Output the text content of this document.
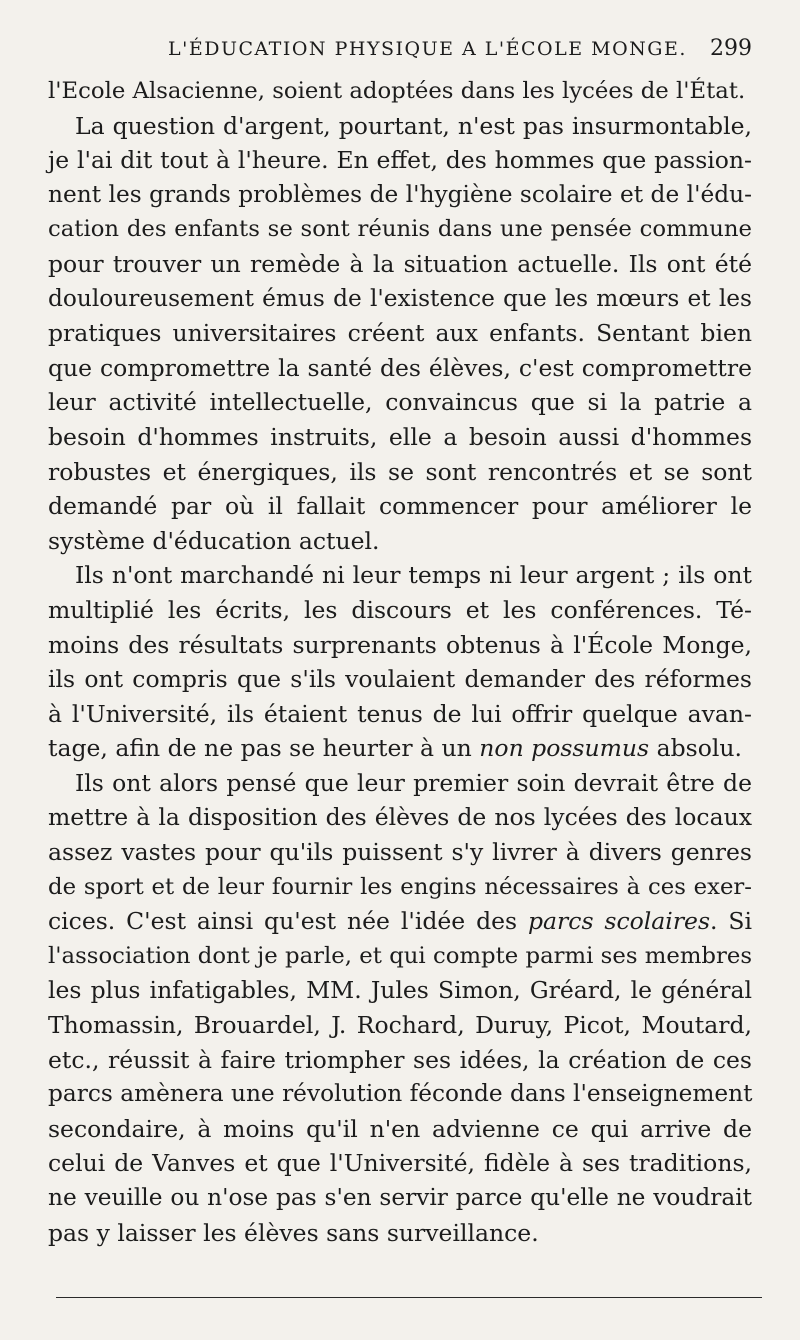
L'ÉDUCATION PHYSIQUE A L'ÉCOLE MONGE. 299

l'Ecole Alsacienne, soient adoptées dans les lycées de l'État.

La question d'argent, pourtant, n'est pas insurmontable,
je l'ai dit tout à l'heure. En effet, des hommes que passion-
nent les grands problèmes de l'hygiène scolaire et de l'édu-
cation des enfants se sont réunis dans une pensée commune
pour trouver un remède à la situation actuelle. Ils ont été
douloureusement émus de l'existence que les mœurs et les
pratiques universitaires créent aux enfants. Sentant bien
que compromettre la santé des élèves, c'est compromettre
leur activité intellectuelle, convaincus que si la patrie a
besoin d'hommes instruits, elle a besoin aussi d'hommes
robustes et énergiques, ils se sont rencontrés et se sont
demandé par où il fallait commencer pour améliorer le
système d'éducation actuel.

Ils n'ont marchandé ni leur temps ni leur argent ; ils ont
multiplié les écrits, les discours et les conférences. Té-
moins des résultats surprenants obtenus à l'École Monge,
ils ont compris que s'ils voulaient demander des réformes
à l'Université, ils étaient tenus de lui offrir quelque avan-
tage, afin de ne pas se heurter à un non possumus absolu.

Ils ont alors pensé que leur premier soin devrait être de
mettre à la disposition des élèves de nos lycées des locaux
assez vastes pour qu'ils puissent s'y livrer à divers genres
de sport et de leur fournir les engins nécessaires à ces exer-
cices. C'est ainsi qu'est née l'idée des parcs scolaires. Si
l'association dont je parle, et qui compte parmi ses membres
les plus infatigables, MM. Jules Simon, Gréard, le général
Thomassin, Brouardel, J. Rochard, Duruy, Picot, Moutard,
etc., réussit à faire triompher ses idées, la création de ces
parcs amènera une révolution féconde dans l'enseignement
secondaire, à moins qu'il n'en advienne ce qui arrive de
celui de Vanves et que l'Université, fidèle à ses traditions,
ne veuille ou n'ose pas s'en servir parce qu'elle ne voudrait
pas y laisser les élèves sans surveillance.
